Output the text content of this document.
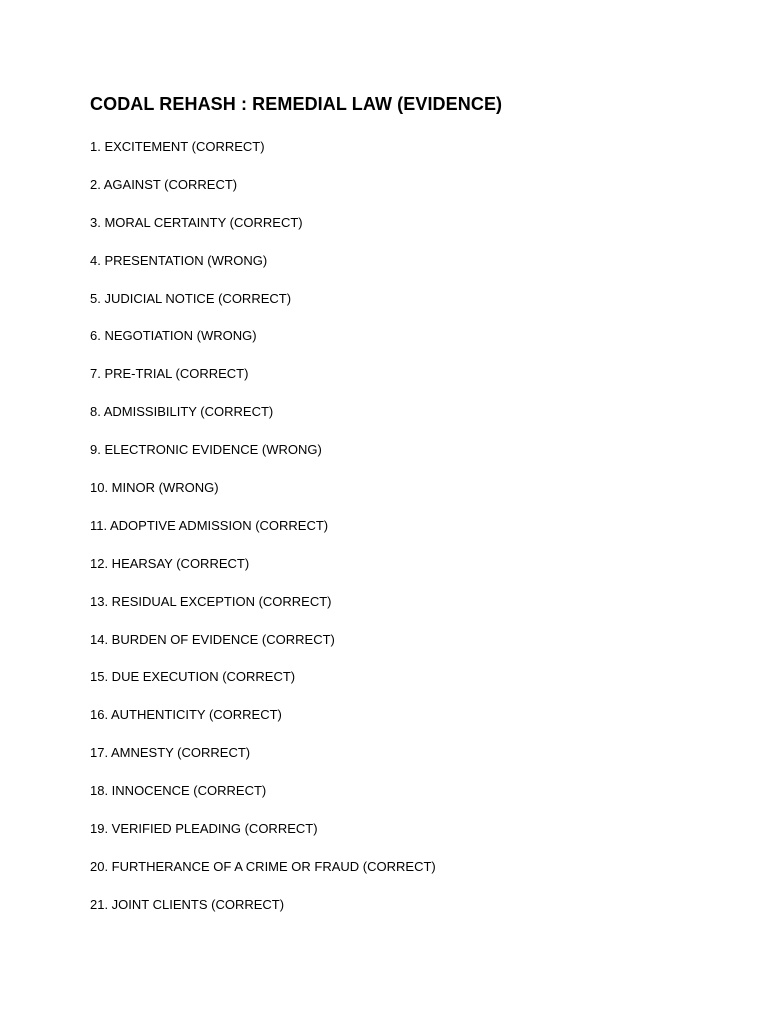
CODAL REHASH : REMEDIAL LAW (EVIDENCE)
1. EXCITEMENT (CORRECT)
2. AGAINST (CORRECT)
3. MORAL CERTAINTY (CORRECT)
4. PRESENTATION (WRONG)
5. JUDICIAL NOTICE (CORRECT)
6. NEGOTIATION (WRONG)
7. PRE-TRIAL (CORRECT)
8. ADMISSIBILITY (CORRECT)
9. ELECTRONIC EVIDENCE (WRONG)
10. MINOR (WRONG)
11. ADOPTIVE ADMISSION (CORRECT)
12. HEARSAY (CORRECT)
13. RESIDUAL EXCEPTION (CORRECT)
14. BURDEN OF EVIDENCE (CORRECT)
15. DUE EXECUTION (CORRECT)
16. AUTHENTICITY (CORRECT)
17. AMNESTY (CORRECT)
18. INNOCENCE (CORRECT)
19. VERIFIED PLEADING (CORRECT)
20. FURTHERANCE OF A CRIME OR FRAUD (CORRECT)
21. JOINT CLIENTS (CORRECT)
